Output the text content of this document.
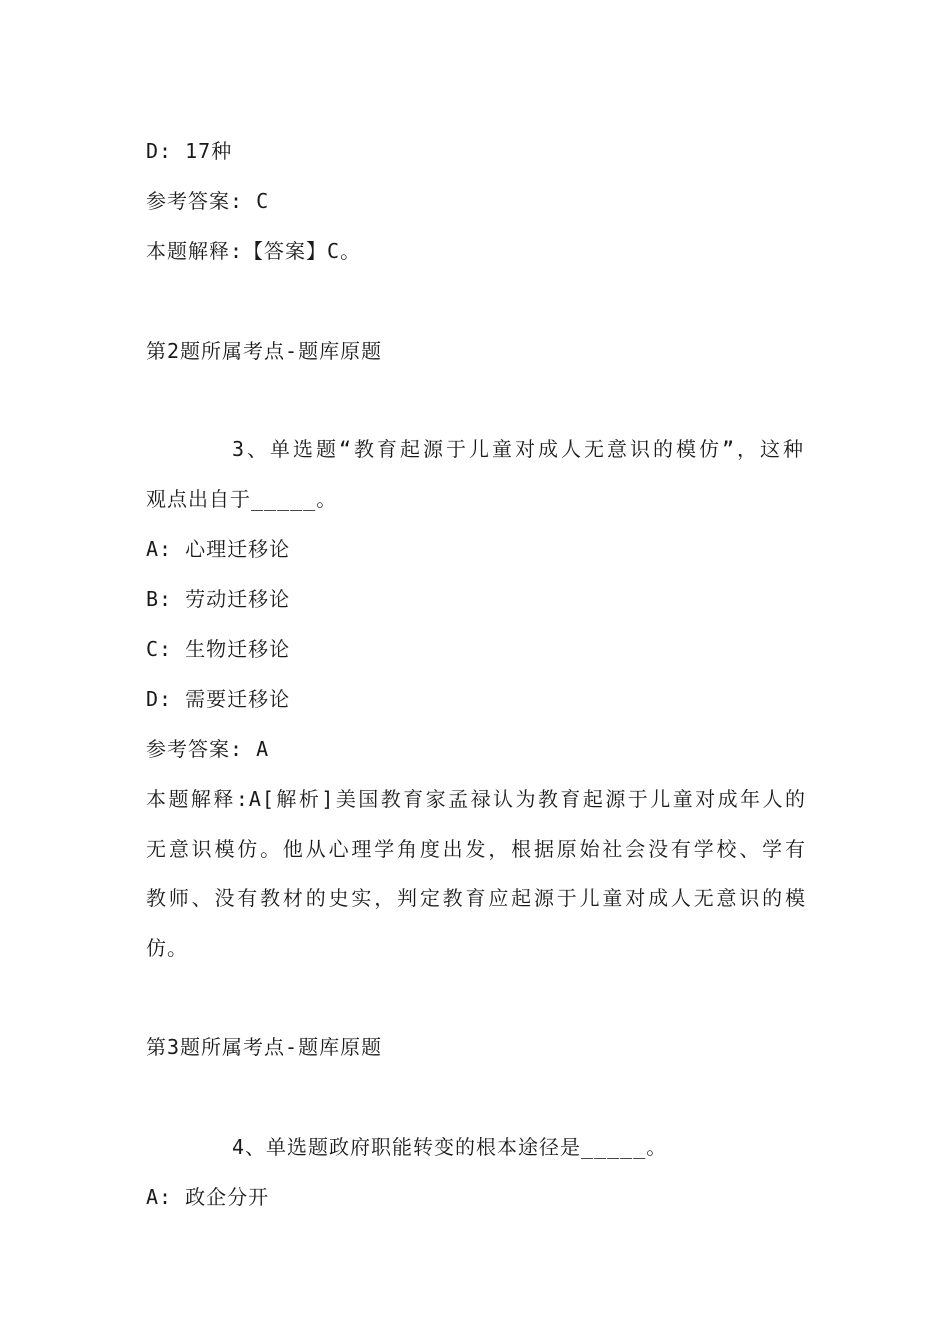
D: 17种
参考答案: C
本题解释:【答案】C。
第2题所属考点-题库原题
3、单选题“教育起源于儿童对成人无意识的模仿”，这种
观点出自于_____。
A: 心理迁移论
B: 劳动迁移论
C: 生物迁移论
D: 需要迁移论
参考答案: A
本题解释:A[解析]美国教育家孟禄认为教育起源于儿童对成年人的
无意识模仿。他从心理学角度出发，根据原始社会没有学校、学有
教师、没有教材的史实，判定教育应起源于儿童对成人无意识的模
仿。
第3题所属考点-题库原题
4、单选题政府职能转变的根本途径是_____。
A: 政企分开
